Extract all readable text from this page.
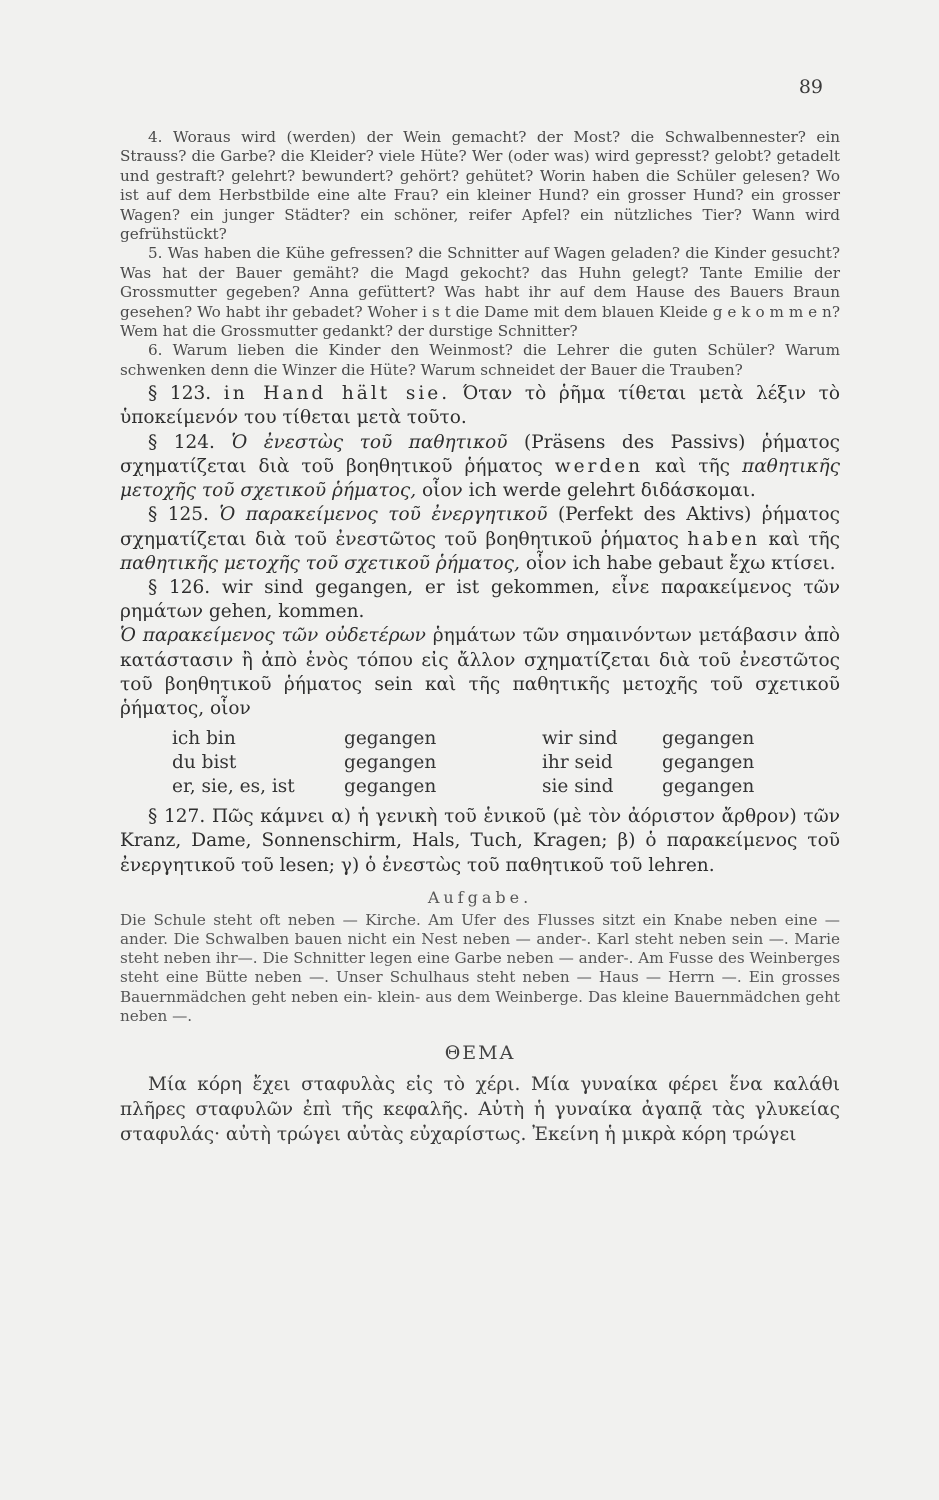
89

4. Woraus wird (werden) der Wein gemacht? der Most? die Schwalbennester? ein Strauss? die Garbe? die Kleider? viele Hüte? Wer (oder was) wird gepresst? gelobt? getadelt und gestraft? gelehrt? bewundert? gehört? gehütet? Worin haben die Schüler gelesen? Wo ist auf dem Herbstbilde eine alte Frau? ein kleiner Hund? ein grosser Hund? ein grosser Wagen? ein junger Städter? ein schöner, reifer Apfel? ein nützliches Tier? Wann wird gefrühstückt?

5. Was haben die Kühe gefressen? die Schnitter auf Wagen geladen? die Kinder gesucht? Was hat der Bauer gemäht? die Magd gekocht? das Huhn gelegt? Tante Emilie der Grossmutter gegeben? Anna gefüttert? Was habt ihr auf dem Hause des Bauers Braun gesehen? Wo habt ihr gebadet? Woher i s t die Dame mit dem blauen Kleide g e k o m m e n? Wem hat die Grossmutter gedankt? der durstige Schnitter?

6. Warum lieben die Kinder den Weinmost? die Lehrer die guten Schüler? Warum schwenken denn die Winzer die Hüte? Warum schneidet der Bauer die Trauben?

§ 123. in Hand hält sie. Όταν τὸ ῥῆμα τίθεται μετὰ λέξιν τὸ ὑποκείμενόν του τίθεται μετὰ τοῦτο.

§ 124. Ὁ ἐνεστὼς τοῦ παθητικοῦ (Präsens des Passivs) ῥήματος σχηματίζεται διὰ τοῦ βοηθητικοῦ ῥήματος werden καὶ τῆς παθητικῆς μετοχῆς τοῦ σχετικοῦ ῥήματος, οἷον ich werde gelehrt διδάσκομαι.

§ 125. Ὁ παρακείμενος τοῦ ἐνεργητικοῦ (Perfekt des Aktivs) ῥήματος σχηματίζεται διὰ τοῦ ἐνεστῶτος τοῦ βοηθητικοῦ ῥήματος haben καὶ τῆς παθητικῆς μετοχῆς τοῦ σχετικοῦ ῥήματος, οἷον ich habe gebaut ἔχω κτίσει.

§ 126. wir sind gegangen, er ist gekommen, εἶνε παρακείμενος τῶν ρημάτων gehen, kommen.

Ὁ παρακείμενος τῶν οὐδετέρων ῥημάτων τῶν σημαινόντων μετάβασιν ἀπὸ κατάστασιν ἢ ἀπὸ ἑνὸς τόπου εἰς ἄλλον σχηματίζεται διὰ τοῦ ἐνεστῶτος τοῦ βοηθητικοῦ ῥήματος sein καὶ τῆς παθητικῆς μετοχῆς τοῦ σχετικοῦ ῥήματος, οἷον

ich bin	gegangen	wir sind	gegangen
du bist	gegangen	ihr seid	gegangen
er, sie, es, ist	gegangen	sie sind	gegangen

§ 127. Πῶς κάμνει α) ἡ γενικὴ τοῦ ἑνικοῦ (μὲ τὸν ἀόριστον ἄρθρον) τῶν Kranz, Dame, Sonnenschirm, Hals, Tuch, Kragen; β) ὁ παρακείμενος τοῦ ἐνεργητικοῦ τοῦ lesen; γ) ὁ ἐνεστὼς τοῦ παθητικοῦ τοῦ lehren.

Aufgabe.

Die Schule steht oft neben — Kirche. Am Ufer des Flusses sitzt ein Knabe neben eine — ander. Die Schwalben bauen nicht ein Nest neben — ander-. Karl steht neben sein —. Marie steht neben ihr—. Die Schnitter legen eine Garbe neben — ander-. Am Fusse des Weinberges steht eine Bütte neben —. Unser Schulhaus steht neben — Haus — Herrn —. Ein grosses Bauernmädchen geht neben ein- klein- aus dem Weinberge. Das kleine Bauernmädchen geht neben —.

ΘΕΜΑ

Μία κόρη ἔχει σταφυλὰς εἰς τὸ χέρι. Μία γυναίκα φέρει ἕνα καλάθι πλῆρες σταφυλῶν ἐπὶ τῆς κεφαλῆς. Αὐτὴ ἡ γυναίκα ἀγαπᾷ τὰς γλυκείας σταφυλάς· αὐτὴ τρώγει αὐτὰς εὐχαρίστως. Ἐκείνη ἡ μικρὰ κόρη τρώγει
